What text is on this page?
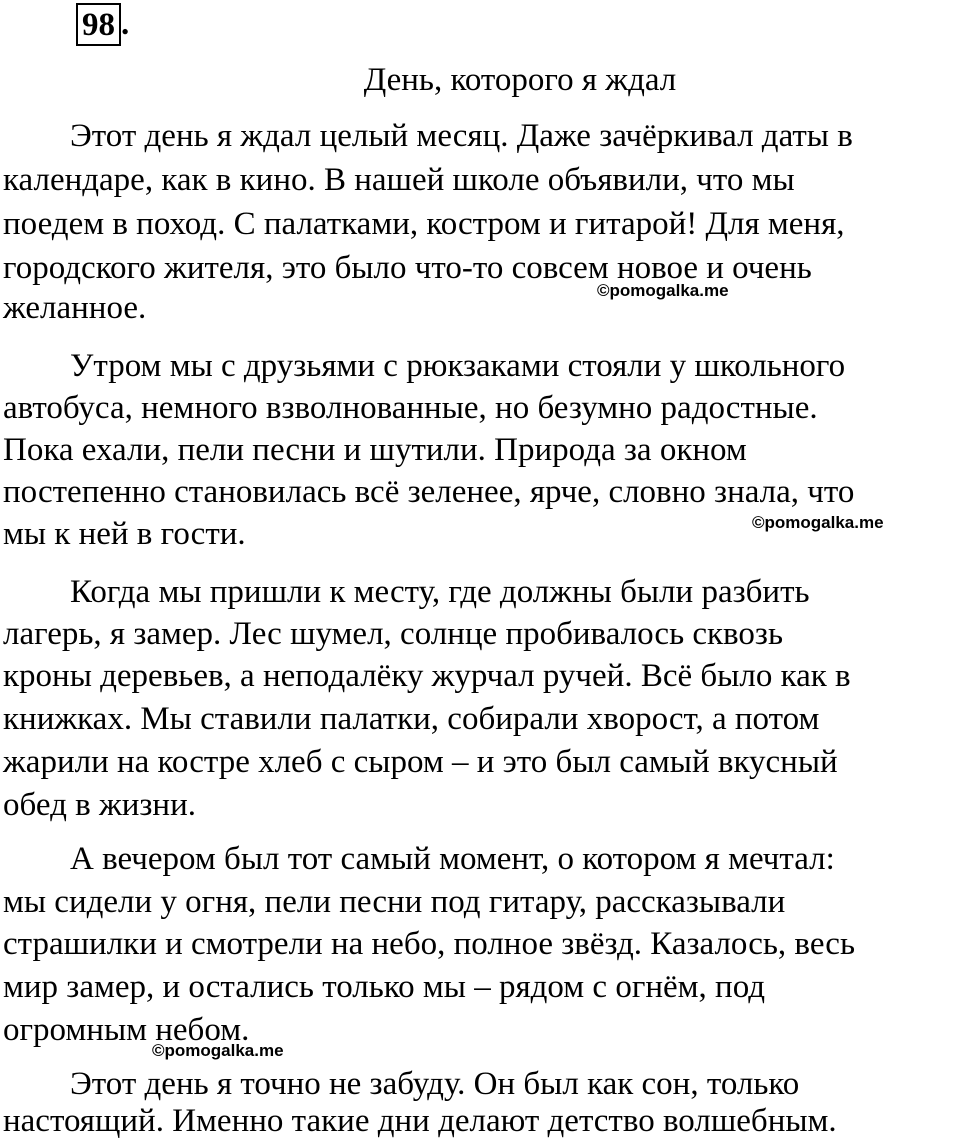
98 .
День, которого я ждал
Этот день я ждал целый месяц. Даже зачёркивал даты в
календаре, как в кино. В нашей школе объявили, что мы
поедем в поход. С палатками, костром и гитарой! Для меня,
городского жителя, это было что-то совсем новое и очень
желанное.
Утром мы с друзьями с рюкзаками стояли у школьного
автобуса, немного взволнованные, но безумно радостные.
Пока ехали, пели песни и шутили. Природа за окном
постепенно становилась всё зеленее, ярче, словно знала, что
мы к ней в гости.
Когда мы пришли к месту, где должны были разбить
лагерь, я замер. Лес шумел, солнце пробивалось сквозь
кроны деревьев, а неподалёку журчал ручей. Всё было как в
книжках. Мы ставили палатки, собирали хворост, а потом
жарили на костре хлеб с сыром – и это был самый вкусный
обед в жизни.
А вечером был тот самый момент, о котором я мечтал:
мы сидели у огня, пели песни под гитару, рассказывали
страшилки и смотрели на небо, полное звёзд. Казалось, весь
мир замер, и остались только мы – рядом с огнём, под
огромным небом.
Этот день я точно не забуду. Он был как сон, только
настоящий. Именно такие дни делают детство волшебным.
©pomogalka.me
©pomogalka.me
©pomogalka.me
